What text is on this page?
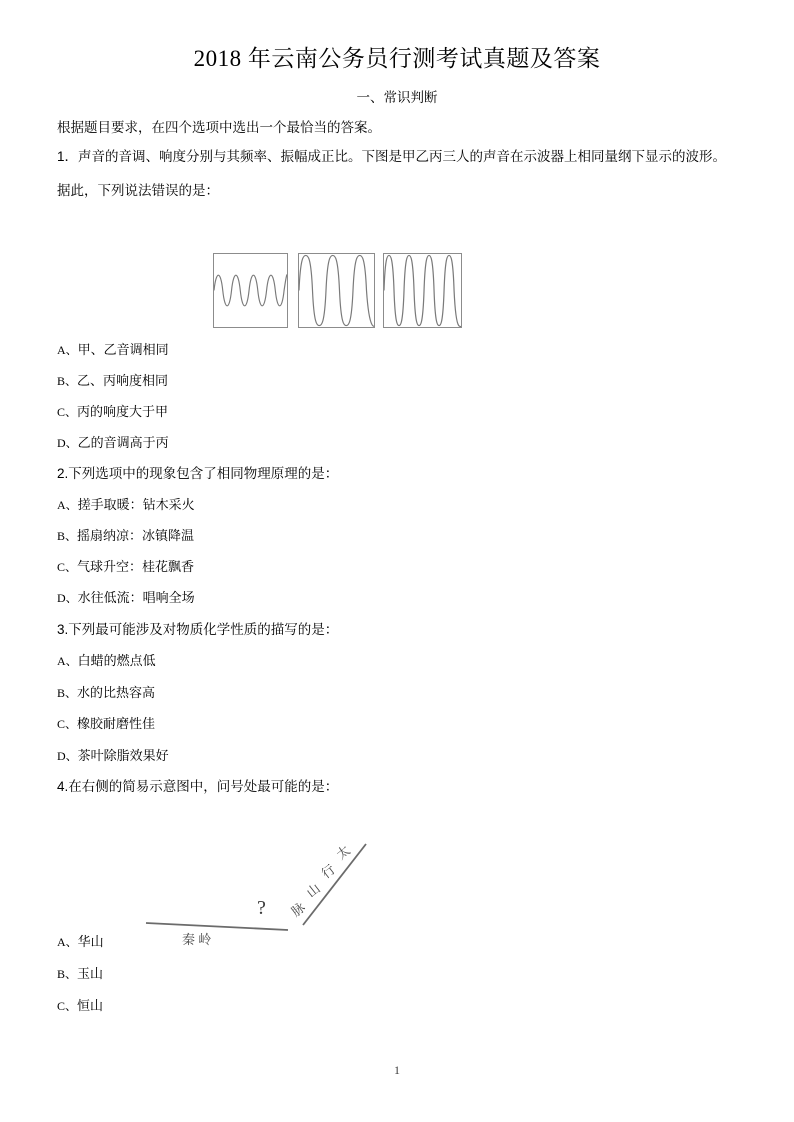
2018 年云南公务员行测考试真题及答案
一、常识判断
根据题目要求，在四个选项中选出一个最恰当的答案。
1．声音的音调、响度分别与其频率、振幅成正比。下图是甲乙丙三人的声音在示波器上相同量纲下显示的波形。
据此，下列说法错误的是：
A、甲、乙音调相同
B、乙、丙响度相同
C、丙的响度大于甲
D、乙的音调高于丙
2.下列选项中的现象包含了相同物理原理的是：
A、搓手取暖：钻木采火
B、摇扇纳凉：冰镇降温
C、气球升空：桂花飘香
D、水往低流：唱响全场
3.下列最可能涉及对物质化学性质的描写的是：
A、白蜡的燃点低
B、水的比热容高
C、橡胶耐磨性佳
D、茶叶除脂效果好
4.在右侧的简易示意图中，问号处最可能的是：
秦 岭
?
太
行
山
脉
A、华山
B、玉山
C、恒山
1
